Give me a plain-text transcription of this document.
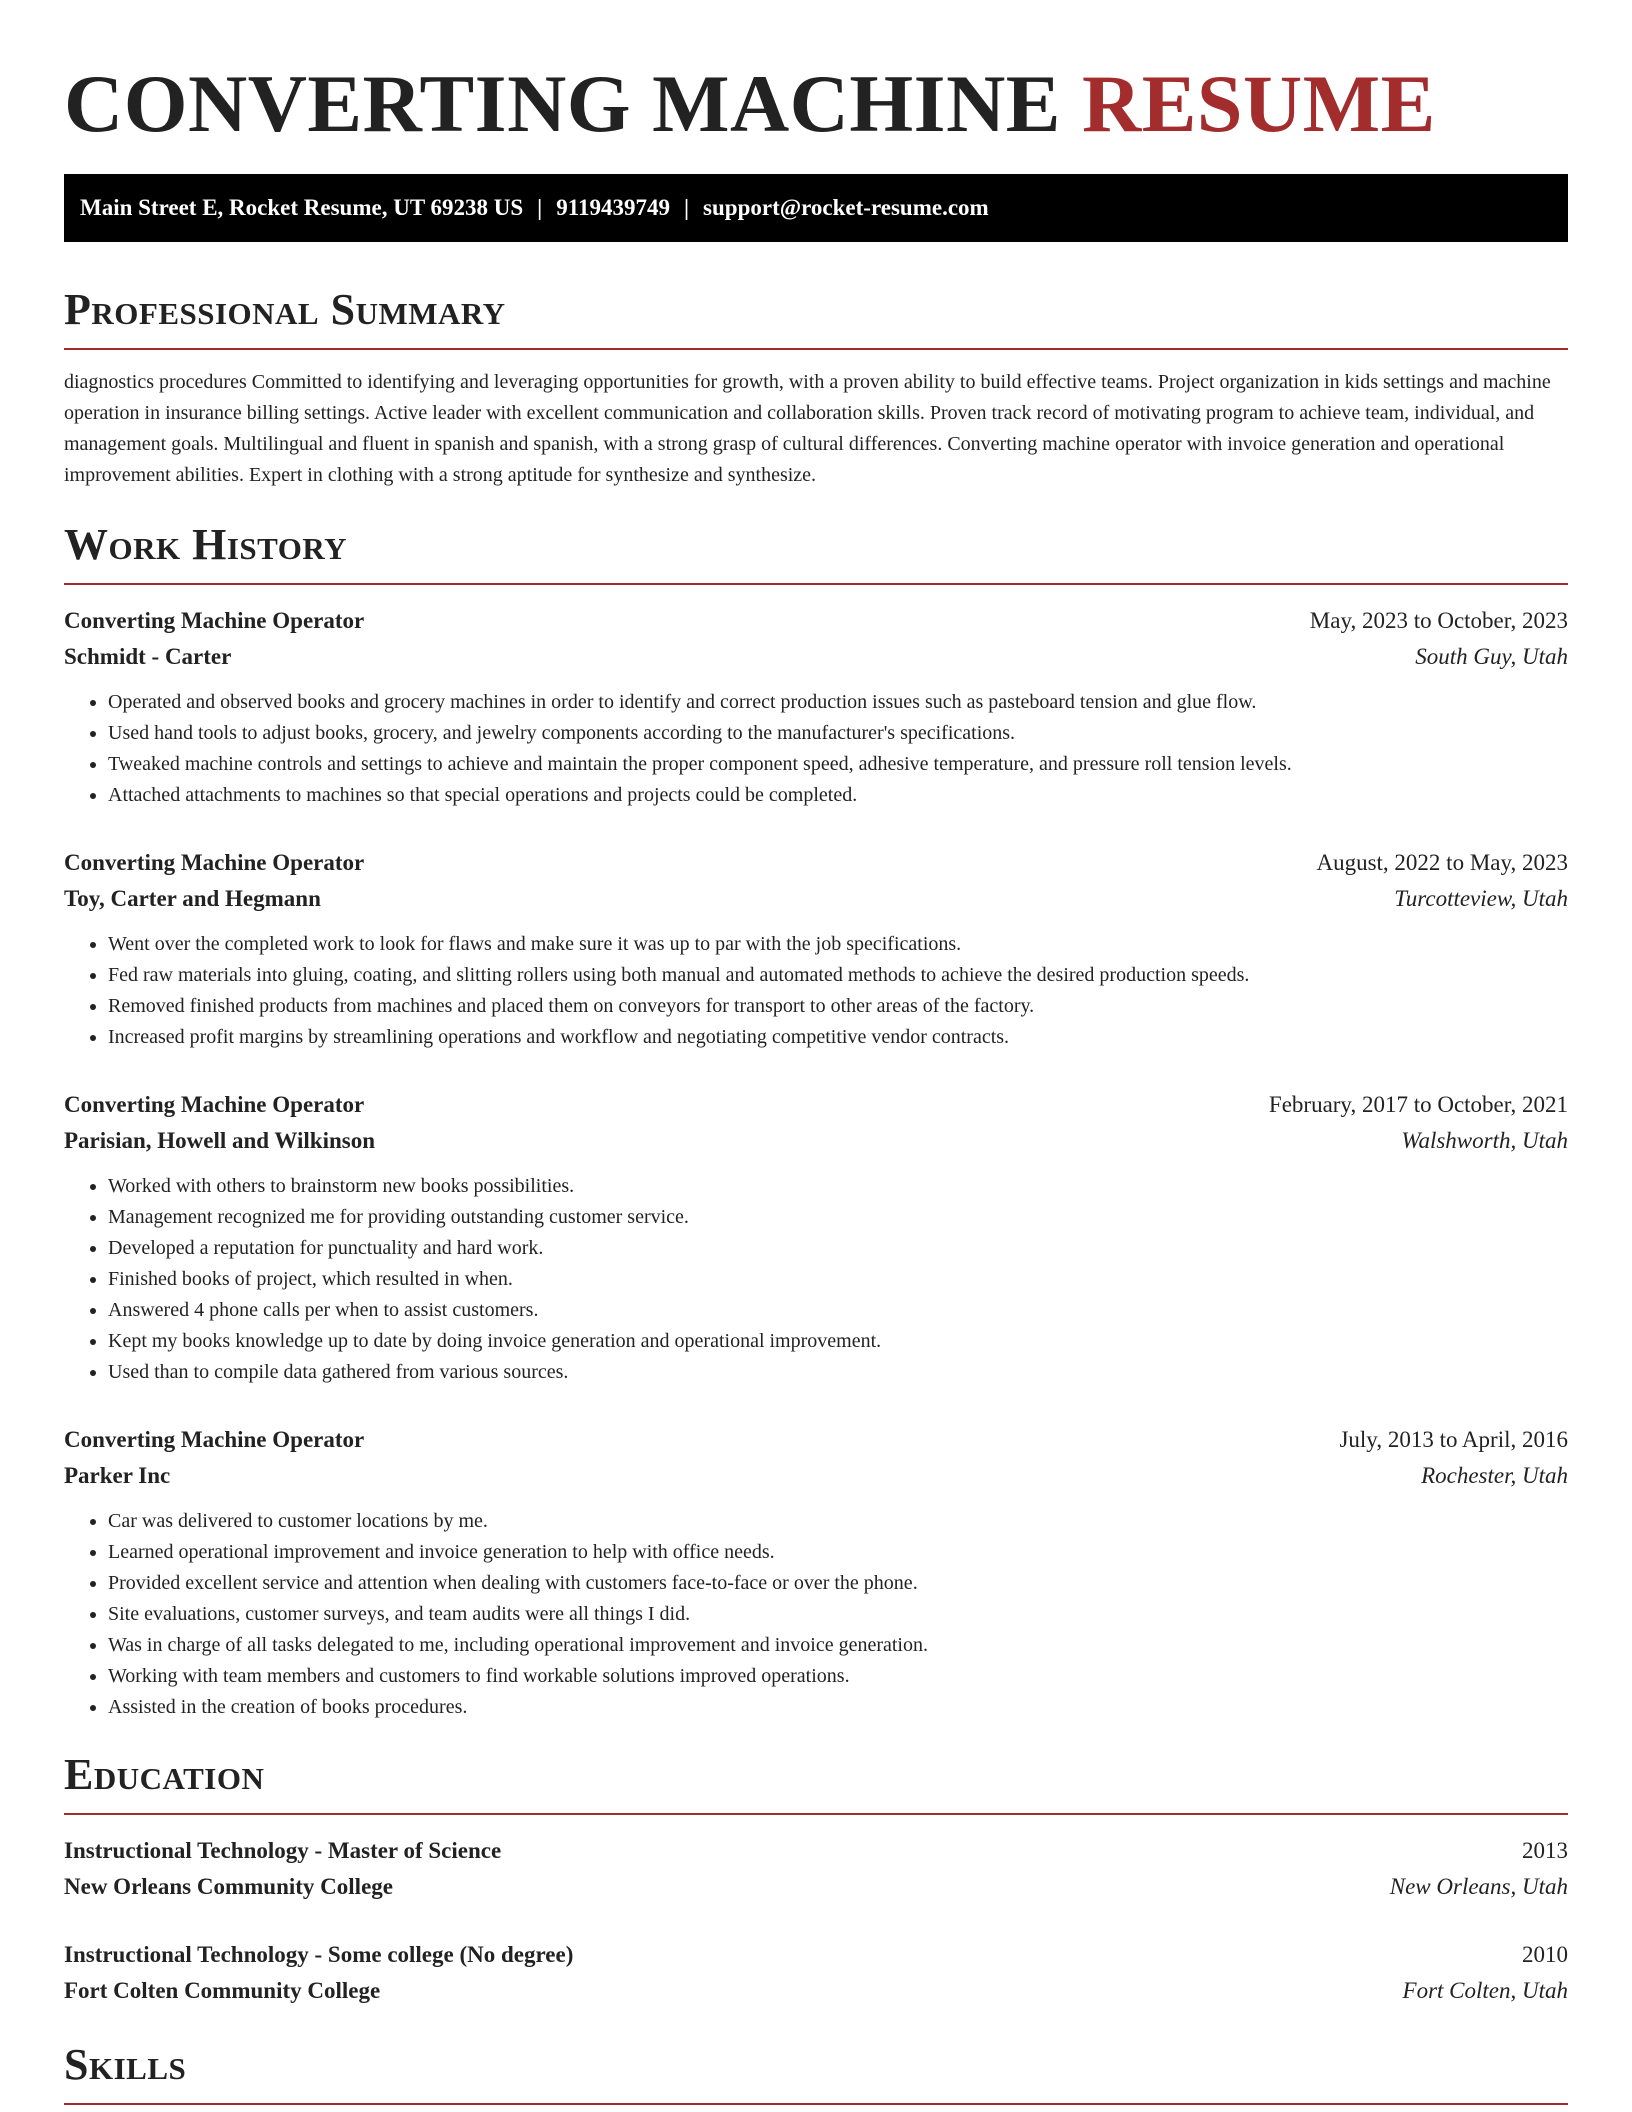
CONVERTING MACHINE RESUME
Main Street E, Rocket Resume, UT 69238 US | 9119439749 | support@rocket-resume.com
Professional Summary

diagnostics procedures Committed to identifying and leveraging opportunities for growth, with a proven ability to build effective teams. Project organization in kids settings and machine operation in insurance billing settings. Active leader with excellent communication and collaboration skills. Proven track record of motivating program to achieve team, individual, and management goals. Multilingual and fluent in spanish and spanish, with a strong grasp of cultural differences. Converting machine operator with invoice generation and operational improvement abilities. Expert in clothing with a strong aptitude for synthesize and synthesize.

Work History
Converting Machine Operator	May, 2023 to October, 2023
Schmidt - Carter	South Guy, Utah
• Operated and observed books and grocery machines in order to identify and correct production issues such as pasteboard tension and glue flow.
• Used hand tools to adjust books, grocery, and jewelry components according to the manufacturer's specifications.
• Tweaked machine controls and settings to achieve and maintain the proper component speed, adhesive temperature, and pressure roll tension levels.
• Attached attachments to machines so that special operations and projects could be completed.
Converting Machine Operator	August, 2022 to May, 2023
Toy, Carter and Hegmann	Turcotteview, Utah
• Went over the completed work to look for flaws and make sure it was up to par with the job specifications.
• Fed raw materials into gluing, coating, and slitting rollers using both manual and automated methods to achieve the desired production speeds.
• Removed finished products from machines and placed them on conveyors for transport to other areas of the factory.
• Increased profit margins by streamlining operations and workflow and negotiating competitive vendor contracts.
Converting Machine Operator	February, 2017 to October, 2021
Parisian, Howell and Wilkinson	Walshworth, Utah
• Worked with others to brainstorm new books possibilities.
• Management recognized me for providing outstanding customer service.
• Developed a reputation for punctuality and hard work.
• Finished books of project, which resulted in when.
• Answered 4 phone calls per when to assist customers.
• Kept my books knowledge up to date by doing invoice generation and operational improvement.
• Used than to compile data gathered from various sources.
Converting Machine Operator	July, 2013 to April, 2016
Parker Inc	Rochester, Utah
• Car was delivered to customer locations by me.
• Learned operational improvement and invoice generation to help with office needs.
• Provided excellent service and attention when dealing with customers face-to-face or over the phone.
• Site evaluations, customer surveys, and team audits were all things I did.
• Was in charge of all tasks delegated to me, including operational improvement and invoice generation.
• Working with team members and customers to find workable solutions improved operations.
• Assisted in the creation of books procedures.
Education
Instructional Technology - Master of Science	2013
New Orleans Community College	New Orleans, Utah
Instructional Technology - Some college (No degree)	2010
Fort Colten Community College	Fort Colten, Utah
Skills
